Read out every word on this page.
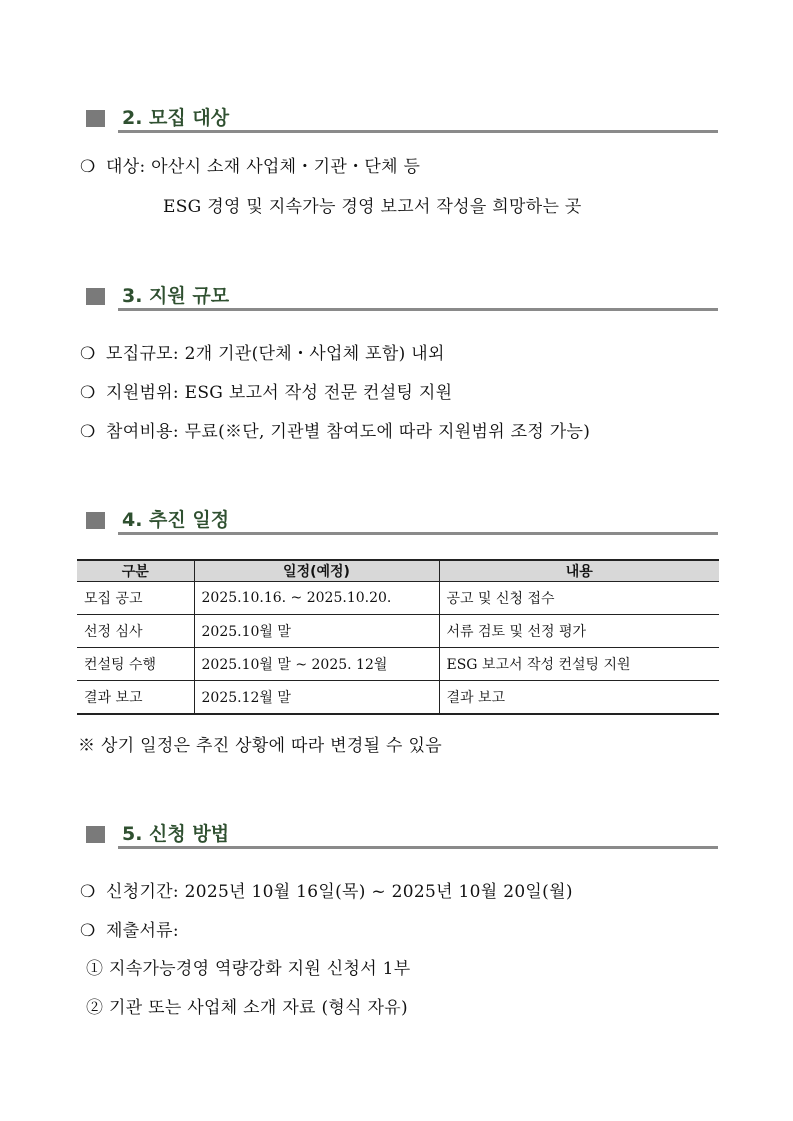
2. 모집 대상
❍ 대상: 아산시 소재 사업체・기관・단체 등
ESG 경영 및 지속가능 경영 보고서 작성을 희망하는 곳
3. 지원 규모
❍ 모집규모: 2개 기관(단체・사업체 포함) 내외
❍ 지원범위: ESG 보고서 작성 전문 컨설팅 지원
❍ 참여비용: 무료(※단, 기관별 참여도에 따라 지원범위 조정 가능)
4. 추진 일정
구분	일정(예정)	내용
모집 공고	2025.10.16. ~ 2025.10.20.	공고 및 신청 접수
선정 심사	2025.10월 말	서류 검토 및 선정 평가
컨설팅 수행	2025.10월 말 ~ 2025. 12월	ESG 보고서 작성 컨설팅 지원
결과 보고	2025.12월 말	결과 보고
※ 상기 일정은 추진 상황에 따라 변경될 수 있음
5. 신청 방법
❍ 신청기간: 2025년 10월 16일(목) ~ 2025년 10월 20일(월)
❍ 제출서류:
① 지속가능경영 역량강화 지원 신청서 1부
② 기관 또는 사업체 소개 자료 (형식 자유)
